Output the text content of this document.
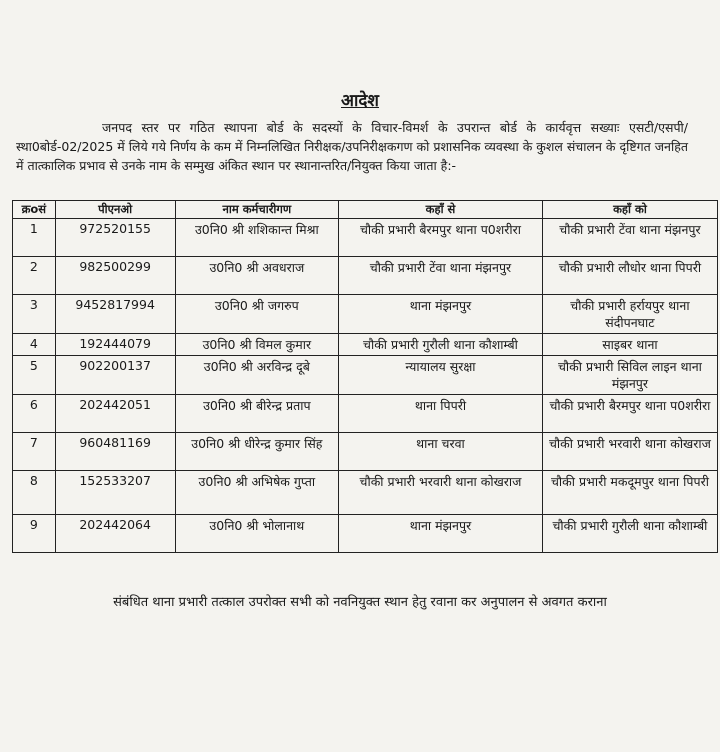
आदेश
जनपद स्तर पर गठित स्थापना बोर्ड के सदस्यों के विचार-विमर्श के उपरान्त बोर्ड के कार्यवृत्त सख्याः एसटी/एसपी/स्था0बोर्ड-02/2025 में लिये गये निर्णय के कम में निम्नलिखित निरीक्षक/उपनिरीक्षकगण को प्रशासनिक व्यवस्था के कुशल संचालन के दृष्टिगत जनहित में तात्कालिक प्रभाव से उनके नाम के सम्मुख अंकित स्थान पर स्थानान्तरित/नियुक्त किया जाता है:-
क्रoसं	पीएनओ	नाम कर्मचारीगण	कहाँ से	कहाँ को
1	972520155	उ0नि0 श्री शशिकान्त मिश्रा	चौकी प्रभारी बैरमपुर थाना प0शरीरा	चौकी प्रभारी टेंवा थाना मंझनपुर
2	982500299	उ0नि0 श्री अवधराज	चौकी प्रभारी टेंवा थाना मंझनपुर	चौकी प्रभारी लौधोर थाना पिपरी
3	9452817994	उ0नि0 श्री जगरुप	थाना मंझनपुर	चौकी प्रभारी हर्रायपुर थाना संदीपनघाट
4	192444079	उ0नि0 श्री विमल कुमार	चौकी प्रभारी गुरौली थाना कौशाम्बी	साइबर थाना
5	902200137	उ0नि0 श्री अरविन्द्र दूबे	न्यायालय सुरक्षा	चौकी प्रभारी सिविल लाइन थाना मंझनपुर
6	202442051	उ0नि0 श्री बीरेन्द्र प्रताप	थाना पिपरी	चौकी प्रभारी बैरमपुर थाना प0शरीरा
7	960481169	उ0नि0 श्री धीरेन्द्र कुमार सिंह	थाना चरवा	चौकी प्रभारी भरवारी थाना कोखराज
8	152533207	उ0नि0 श्री अभिषेक गुप्ता	चौकी प्रभारी भरवारी थाना कोखराज	चौकी प्रभारी मकदूमपुर थाना पिपरी
9	202442064	उ0नि0 श्री भोलानाथ	थाना मंझनपुर	चौकी प्रभारी गुरौली थाना कौशाम्बी
संबंधित थाना प्रभारी तत्काल उपरोक्त सभी को नवनियुक्त स्थान हेतु रवाना कर अनुपालन से अवगत कराना
